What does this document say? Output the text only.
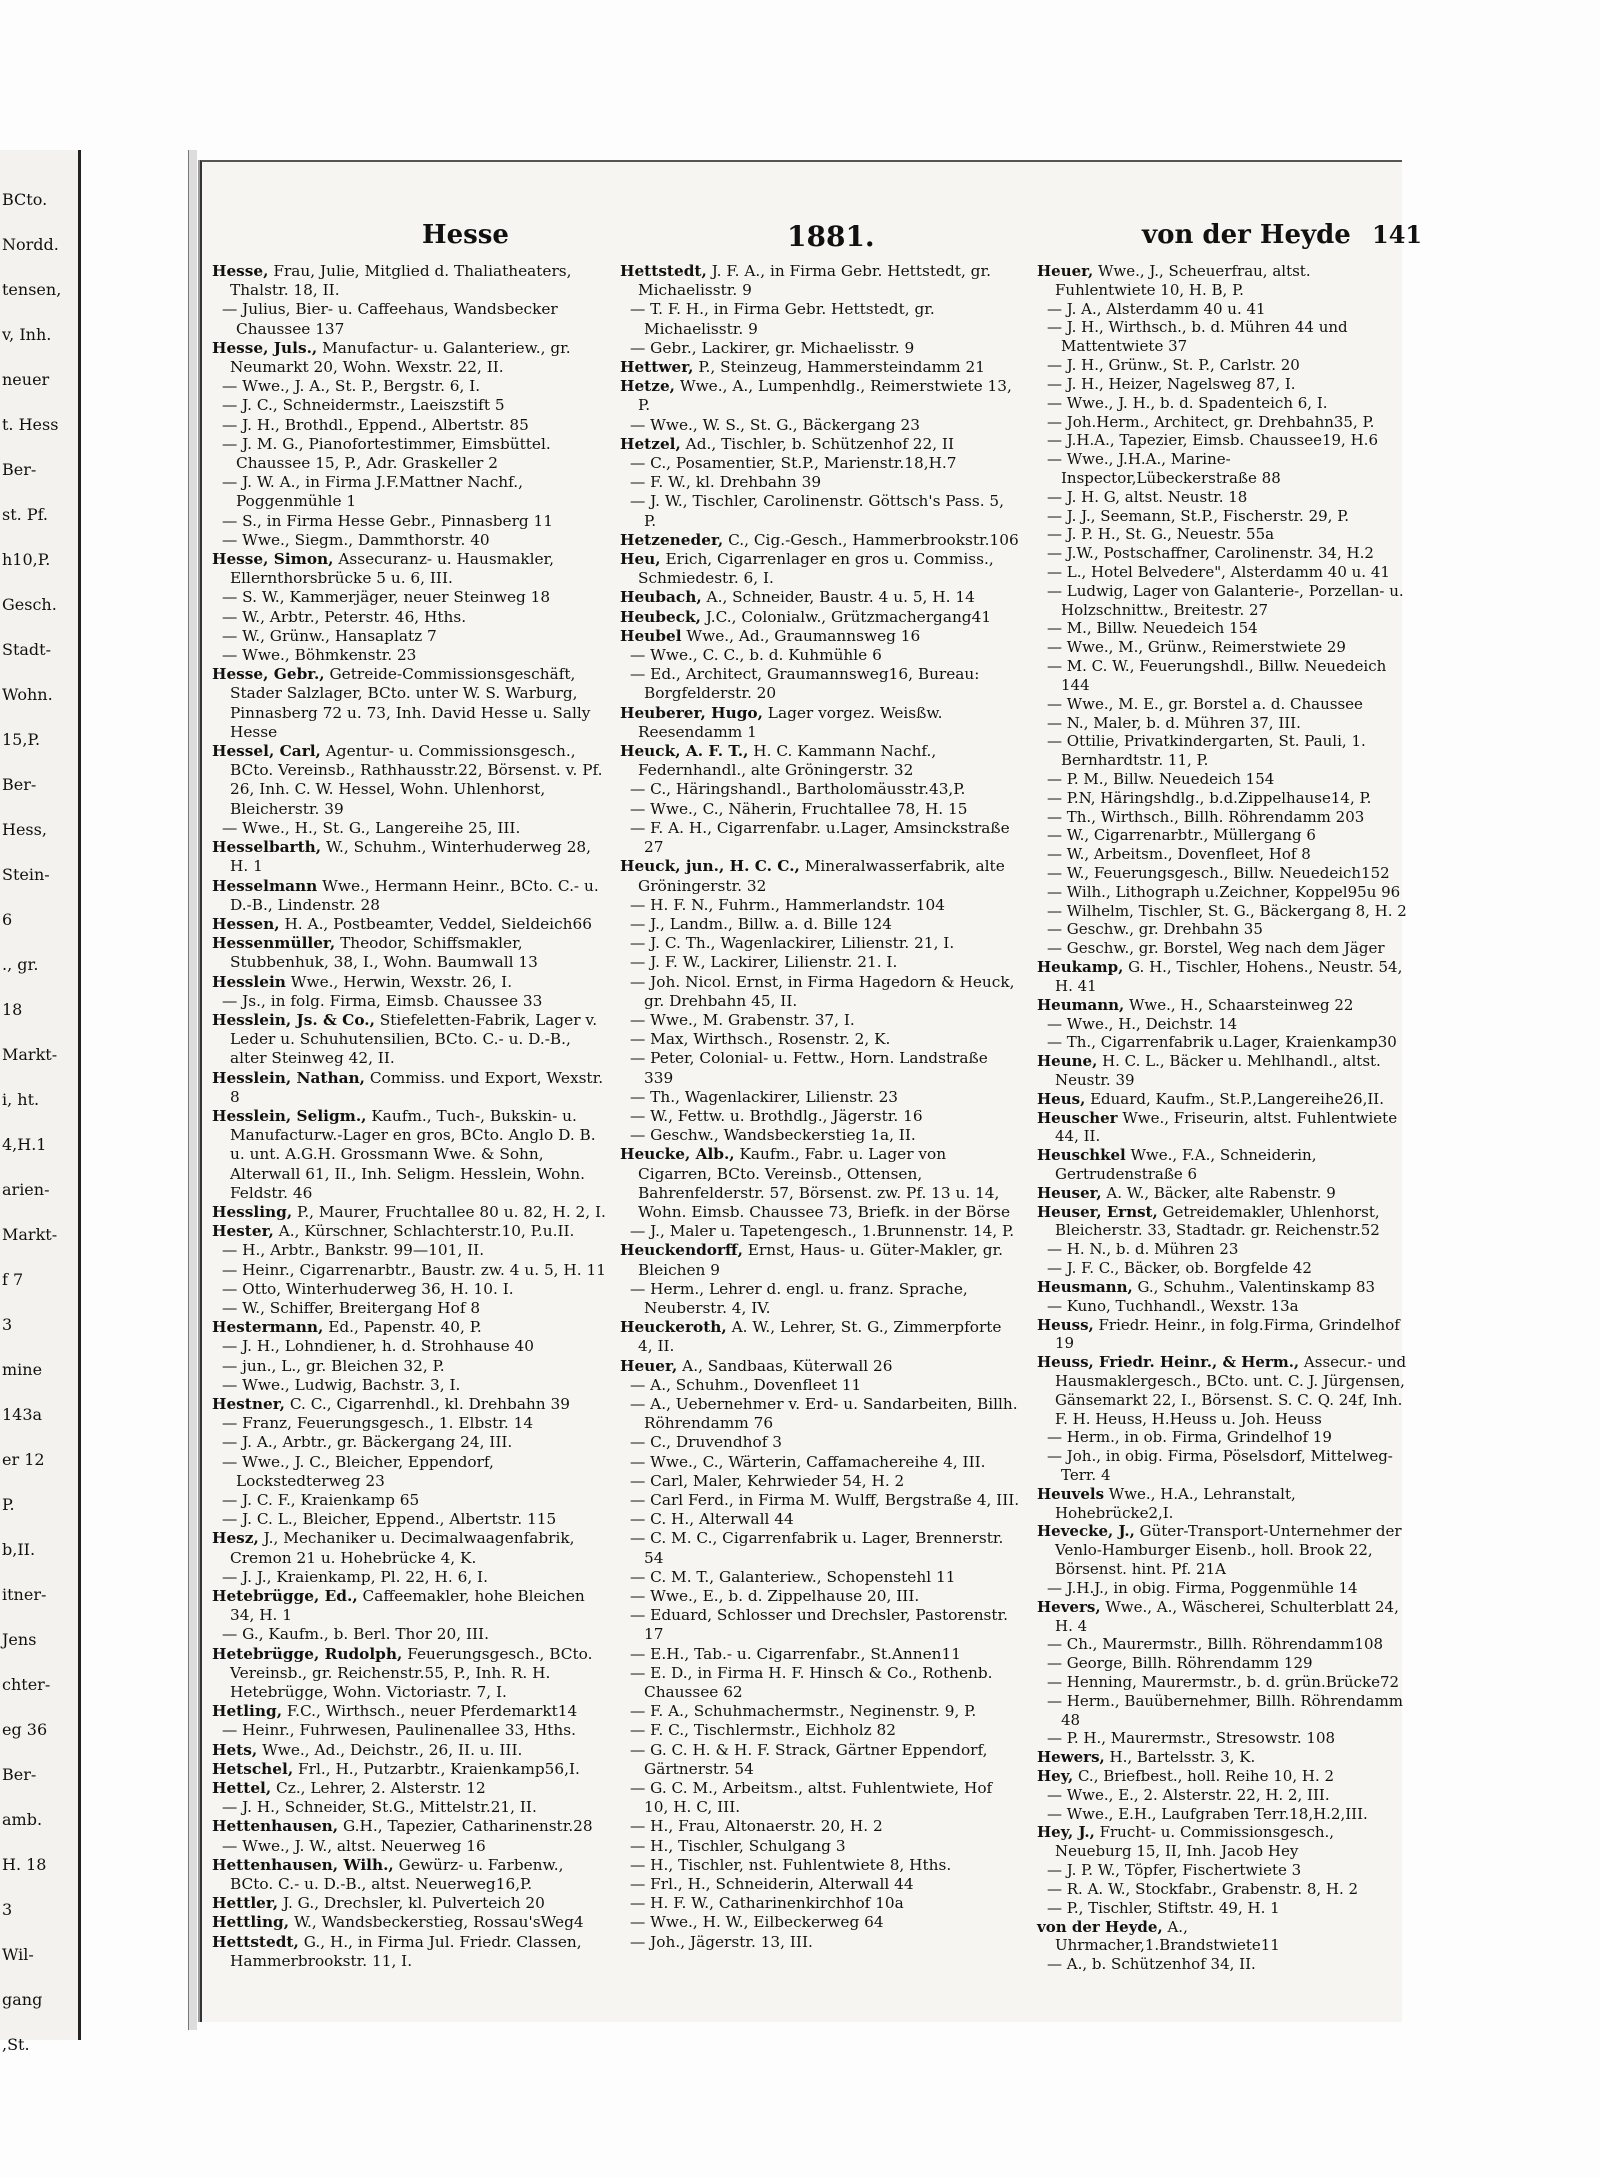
BCto.
Nordd.
tensen,
v, Inh.
neuer
t. Hess
Ber-
st. Pf.
h10,P.
Gesch.
Stadt-
Wohn.
15,P.
Ber-
Hess,
Stein-
6
., gr.
18
Markt-
i, ht.
4,H.1
arien-
Markt-
f 7
3
mine
143a
er 12
P.
b,II.
itner-
Jens
chter-
eg 36
Ber-
amb.
H. 18
3
Wil-
gang
,St.
Hesse	1881.	von der Heyde 141

Hesse, Frau, Julie, Mitglied d. Thaliatheaters, Thalstr. 18, II.

— Julius, Bier- u. Caffeehaus, Wandsbecker Chaussee 137

Hesse, Juls., Manufactur- u. Galanteriew., gr. Neumarkt 20, Wohn. Wexstr. 22, II.

— Wwe., J. A., St. P., Bergstr. 6, I.

— J. C., Schneidermstr., Laeiszstift 5

— J. H., Brothdl., Eppend., Albertstr. 85

— J. M. G., Pianofortestimmer, Eimsbüttel. Chaussee 15, P., Adr. Graskeller 2

— J. W. A., in Firma J.F.Mattner Nachf., Poggenmühle 1

— S., in Firma Hesse Gebr., Pinnasberg 11

— Wwe., Siegm., Dammthorstr. 40

Hesse, Simon, Assecuranz- u. Hausmakler, Ellernthorsbrücke 5 u. 6, III.

— S. W., Kammerjäger, neuer Steinweg 18

— W., Arbtr., Peterstr. 46, Hths.

— W., Grünw., Hansaplatz 7

— Wwe., Böhmkenstr. 23

Hesse, Gebr., Getreide-Commissionsgeschäft, Stader Salzlager, BCto. unter W. S. Warburg, Pinnasberg 72 u. 73, Inh. David Hesse u. Sally Hesse

Hessel, Carl, Agentur- u. Commissionsgesch., BCto. Vereinsb., Rathhausstr.22, Börsenst. v. Pf. 26, Inh. C. W. Hessel, Wohn. Uhlenhorst, Bleicherstr. 39

— Wwe., H., St. G., Langereihe 25, III.

Hesselbarth, W., Schuhm., Winterhuderweg 28, H. 1

Hesselmann Wwe., Hermann Heinr., BCto. C.- u. D.-B., Lindenstr. 28

Hessen, H. A., Postbeamter, Veddel, Sieldeich66

Hessenmüller, Theodor, Schiffsmakler, Stubbenhuk, 38, I., Wohn. Baumwall 13

Hesslein Wwe., Herwin, Wexstr. 26, I.

— Js., in folg. Firma, Eimsb. Chaussee 33

Hesslein, Js. & Co., Stiefeletten-Fabrik, Lager v. Leder u. Schuhutensilien, BCto. C.- u. D.-B., alter Steinweg 42, II.

Hesslein, Nathan, Commiss. und Export, Wexstr. 8

Hesslein, Seligm., Kaufm., Tuch-, Bukskin- u. Manufacturw.-Lager en gros, BCto. Anglo D. B. u. unt. A.G.H. Grossmann Wwe. & Sohn, Alterwall 61, II., Inh. Seligm. Hesslein, Wohn. Feldstr. 46

Hessling, P., Maurer, Fruchtallee 80 u. 82, H. 2, I.

Hester, A., Kürschner, Schlachterstr.10, P.u.II.

— H., Arbtr., Bankstr. 99—101, II.

— Heinr., Cigarrenarbtr., Baustr. zw. 4 u. 5, H. 11

— Otto, Winterhuderweg 36, H. 10. I.

— W., Schiffer, Breitergang Hof 8

Hestermann, Ed., Papenstr. 40, P.

— J. H., Lohndiener, h. d. Strohhause 40

— jun., L., gr. Bleichen 32, P.

— Wwe., Ludwig, Bachstr. 3, I.

Hestner, C. C., Cigarrenhdl., kl. Drehbahn 39

— Franz, Feuerungsgesch., 1. Elbstr. 14

— J. A., Arbtr., gr. Bäckergang 24, III.

— Wwe., J. C., Bleicher, Eppendorf, Lockstedterweg 23

— J. C. F., Kraienkamp 65

— J. C. L., Bleicher, Eppend., Albertstr. 115

Hesz, J., Mechaniker u. Decimalwaagenfabrik, Cremon 21 u. Hohebrücke 4, K.

— J. J., Kraienkamp, Pl. 22, H. 6, I.

Hetebrügge, Ed., Caffeemakler, hohe Bleichen 34, H. 1

— G., Kaufm., b. Berl. Thor 20, III.

Hetebrügge, Rudolph, Feuerungsgesch., BCto. Vereinsb., gr. Reichenstr.55, P., Inh. R. H. Hetebrügge, Wohn. Victoriastr. 7, I.

Hetling, F.C., Wirthsch., neuer Pferdemarkt14

— Heinr., Fuhrwesen, Paulinenallee 33, Hths.

Hets, Wwe., Ad., Deichstr., 26, II. u. III.

Hetschel, Frl., H., Putzarbtr., Kraienkamp56,I.

Hettel, Cz., Lehrer, 2. Alsterstr. 12

— J. H., Schneider, St.G., Mittelstr.21, II.

Hettenhausen, G.H., Tapezier, Catharinenstr.28

— Wwe., J. W., altst. Neuerweg 16

Hettenhausen, Wilh., Gewürz- u. Farbenw., BCto. C.- u. D.-B., altst. Neuerweg16,P.

Hettler, J. G., Drechsler, kl. Pulverteich 20

Hettling, W., Wandsbeckerstieg, Rossau'sWeg4

Hettstedt, G., H., in Firma Jul. Friedr. Classen, Hammerbrookstr. 11, I.

Hettstedt, J. F. A., in Firma Gebr. Hettstedt, gr. Michaelisstr. 9

— T. F. H., in Firma Gebr. Hettstedt, gr. Michaelisstr. 9

— Gebr., Lackirer, gr. Michaelisstr. 9

Hettwer, P., Steinzeug, Hammersteindamm 21

Hetze, Wwe., A., Lumpenhdlg., Reimerstwiete 13, P.

— Wwe., W. S., St. G., Bäckergang 23

Hetzel, Ad., Tischler, b. Schützenhof 22, II

— C., Posamentier, St.P., Marienstr.18,H.7

— F. W., kl. Drehbahn 39

— J. W., Tischler, Carolinenstr. Göttsch's Pass. 5, P.

Hetzeneder, C., Cig.-Gesch., Hammerbrookstr.106

Heu, Erich, Cigarrenlager en gros u. Commiss., Schmiedestr. 6, I.

Heubach, A., Schneider, Baustr. 4 u. 5, H. 14

Heubeck, J.C., Colonialw., Grützmachergang41

Heubel Wwe., Ad., Graumannsweg 16

— Wwe., C. C., b. d. Kuhmühle 6

— Ed., Architect, Graumannsweg16, Bureau: Borgfelderstr. 20

Heuberer, Hugo, Lager vorgez. Weisßw. Reesendamm 1

Heuck, A. F. T., H. C. Kammann Nachf., Federnhandl., alte Gröningerstr. 32

— C., Häringshandl., Bartholomäusstr.43,P.

— Wwe., C., Näherin, Fruchtallee 78, H. 15

— F. A. H., Cigarrenfabr. u.Lager, Amsinckstraße 27

Heuck, jun., H. C. C., Mineralwasserfabrik, alte Gröningerstr. 32

— H. F. N., Fuhrm., Hammerlandstr. 104

— J., Landm., Billw. a. d. Bille 124

— J. C. Th., Wagenlackirer, Lilienstr. 21, I.

— J. F. W., Lackirer, Lilienstr. 21. I.

— Joh. Nicol. Ernst, in Firma Hagedorn & Heuck, gr. Drehbahn 45, II.

— Wwe., M. Grabenstr. 37, I.

— Max, Wirthsch., Rosenstr. 2, K.

— Peter, Colonial- u. Fettw., Horn. Landstraße 339

— Th., Wagenlackirer, Lilienstr. 23

— W., Fettw. u. Brothdlg., Jägerstr. 16

— Geschw., Wandsbeckerstieg 1a, II.

Heucke, Alb., Kaufm., Fabr. u. Lager von Cigarren, BCto. Vereinsb., Ottensen, Bahrenfelderstr. 57, Börsenst. zw. Pf. 13 u. 14, Wohn. Eimsb. Chaussee 73, Briefk. in der Börse

— J., Maler u. Tapetengesch., 1.Brunnenstr. 14, P.

Heuckendorff, Ernst, Haus- u. Güter-Makler, gr. Bleichen 9

— Herm., Lehrer d. engl. u. franz. Sprache, Neuberstr. 4, IV.

Heuckeroth, A. W., Lehrer, St. G., Zimmerpforte 4, II.

Heuer, A., Sandbaas, Küterwall 26

— A., Schuhm., Dovenfleet 11

— A., Uebernehmer v. Erd- u. Sandarbeiten, Billh. Röhrendamm 76

— C., Druvendhof 3

— Wwe., C., Wärterin, Caffamachereihe 4, III.

— Carl, Maler, Kehrwieder 54, H. 2

— Carl Ferd., in Firma M. Wulff, Bergstraße 4, III.

— C. H., Alterwall 44

— C. M. C., Cigarrenfabrik u. Lager, Brennerstr. 54

— C. M. T., Galanteriew., Schopenstehl 11

— Wwe., E., b. d. Zippelhause 20, III.

— Eduard, Schlosser und Drechsler, Pastorenstr. 17

— E.H., Tab.- u. Cigarrenfabr., St.Annen11

— E. D., in Firma H. F. Hinsch & Co., Rothenb. Chaussee 62

— F. A., Schuhmachermstr., Neginenstr. 9, P.

— F. C., Tischlermstr., Eichholz 82

— G. C. H. & H. F. Strack, Gärtner Eppendorf, Gärtnerstr. 54

— G. C. M., Arbeitsm., altst. Fuhlentwiete, Hof 10, H. C, III.

— H., Frau, Altonaerstr. 20, H. 2

— H., Tischler, Schulgang 3

— H., Tischler, nst. Fuhlentwiete 8, Hths.

— Frl., H., Schneiderin, Alterwall 44

— H. F. W., Catharinenkirchhof 10a

— Wwe., H. W., Eilbeckerweg 64

— Joh., Jägerstr. 13, III.

Heuer, Wwe., J., Scheuerfrau, altst. Fuhlentwiete 10, H. B, P.

— J. A., Alsterdamm 40 u. 41

— J. H., Wirthsch., b. d. Mühren 44 und Mattentwiete 37

— J. H., Grünw., St. P., Carlstr. 20

— J. H., Heizer, Nagelsweg 87, I.

— Wwe., J. H., b. d. Spadenteich 6, I.

— Joh.Herm., Architect, gr. Drehbahn35, P.

— J.H.A., Tapezier, Eimsb. Chaussee19, H.6

— Wwe., J.H.A., Marine-Inspector,Lübeckerstraße 88

— J. H. G, altst. Neustr. 18

— J. J., Seemann, St.P., Fischerstr. 29, P.

— J. P. H., St. G., Neuestr. 55a

— J.W., Postschaffner, Carolinenstr. 34, H.2

— L., Hotel Belvedere", Alsterdamm 40 u. 41

— Ludwig, Lager von Galanterie-, Porzellan- u. Holzschnittw., Breitestr. 27

— M., Billw. Neuedeich 154

— Wwe., M., Grünw., Reimerstwiete 29

— M. C. W., Feuerungshdl., Billw. Neuedeich 144

— Wwe., M. E., gr. Borstel a. d. Chaussee

— N., Maler, b. d. Mühren 37, III.

— Ottilie, Privatkindergarten, St. Pauli, 1. Bernhardtstr. 11, P.

— P. M., Billw. Neuedeich 154

— P.N, Häringshdlg., b.d.Zippelhause14, P.

— Th., Wirthsch., Billh. Röhrendamm 203

— W., Cigarrenarbtr., Müllergang 6

— W., Arbeitsm., Dovenfleet, Hof 8

— W., Feuerungsgesch., Billw. Neuedeich152

— Wilh., Lithograph u.Zeichner, Koppel95u 96

— Wilhelm, Tischler, St. G., Bäckergang 8, H. 2

— Geschw., gr. Drehbahn 35

— Geschw., gr. Borstel, Weg nach dem Jäger

Heukamp, G. H., Tischler, Hohens., Neustr. 54, H. 41

Heumann, Wwe., H., Schaarsteinweg 22

— Wwe., H., Deichstr. 14

— Th., Cigarrenfabrik u.Lager, Kraienkamp30

Heune, H. C. L., Bäcker u. Mehlhandl., altst. Neustr. 39

Heus, Eduard, Kaufm., St.P.,Langereihe26,II.

Heuscher Wwe., Friseurin, altst. Fuhlentwiete 44, II.

Heuschkel Wwe., F.A., Schneiderin, Gertrudenstraße 6

Heuser, A. W., Bäcker, alte Rabenstr. 9

Heuser, Ernst, Getreidemakler, Uhlenhorst, Bleicherstr. 33, Stadtadr. gr. Reichenstr.52

— H. N., b. d. Mühren 23

— J. F. C., Bäcker, ob. Borgfelde 42

Heusmann, G., Schuhm., Valentinskamp 83

— Kuno, Tuchhandl., Wexstr. 13a

Heuss, Friedr. Heinr., in folg.Firma, Grindelhof 19

Heuss, Friedr. Heinr., & Herm., Assecur.- und Hausmaklergesch., BCto. unt. C. J. Jürgensen, Gänsemarkt 22, I., Börsenst. S. C. Q. 24f, Inh. F. H. Heuss, H.Heuss u. Joh. Heuss

— Herm., in ob. Firma, Grindelhof 19

— Joh., in obig. Firma, Pöselsdorf, Mittelweg-Terr. 4

Heuvels Wwe., H.A., Lehranstalt, Hohebrücke2,I.

Hevecke, J., Güter-Transport-Unternehmer der Venlo-Hamburger Eisenb., holl. Brook 22, Börsenst. hint. Pf. 21A

— J.H.J., in obig. Firma, Poggenmühle 14

Hevers, Wwe., A., Wäscherei, Schulterblatt 24, H. 4

— Ch., Maurermstr., Billh. Röhrendamm108

— George, Billh. Röhrendamm 129

— Henning, Maurermstr., b. d. grün.Brücke72

— Herm., Bauübernehmer, Billh. Röhrendamm 48

— P. H., Maurermstr., Stresowstr. 108

Hewers, H., Bartelsstr. 3, K.

Hey, C., Briefbest., holl. Reihe 10, H. 2

— Wwe., E., 2. Alsterstr. 22, H. 2, III.

— Wwe., E.H., Laufgraben Terr.18,H.2,III.

Hey, J., Frucht- u. Commissionsgesch., Neueburg 15, II, Inh. Jacob Hey

— J. P. W., Töpfer, Fischertwiete 3

— R. A. W., Stockfabr., Grabenstr. 8, H. 2

— P., Tischler, Stiftstr. 49, H. 1

von der Heyde, A., Uhrmacher,1.Brandstwiete11

— A., b. Schützenhof 34, II.
